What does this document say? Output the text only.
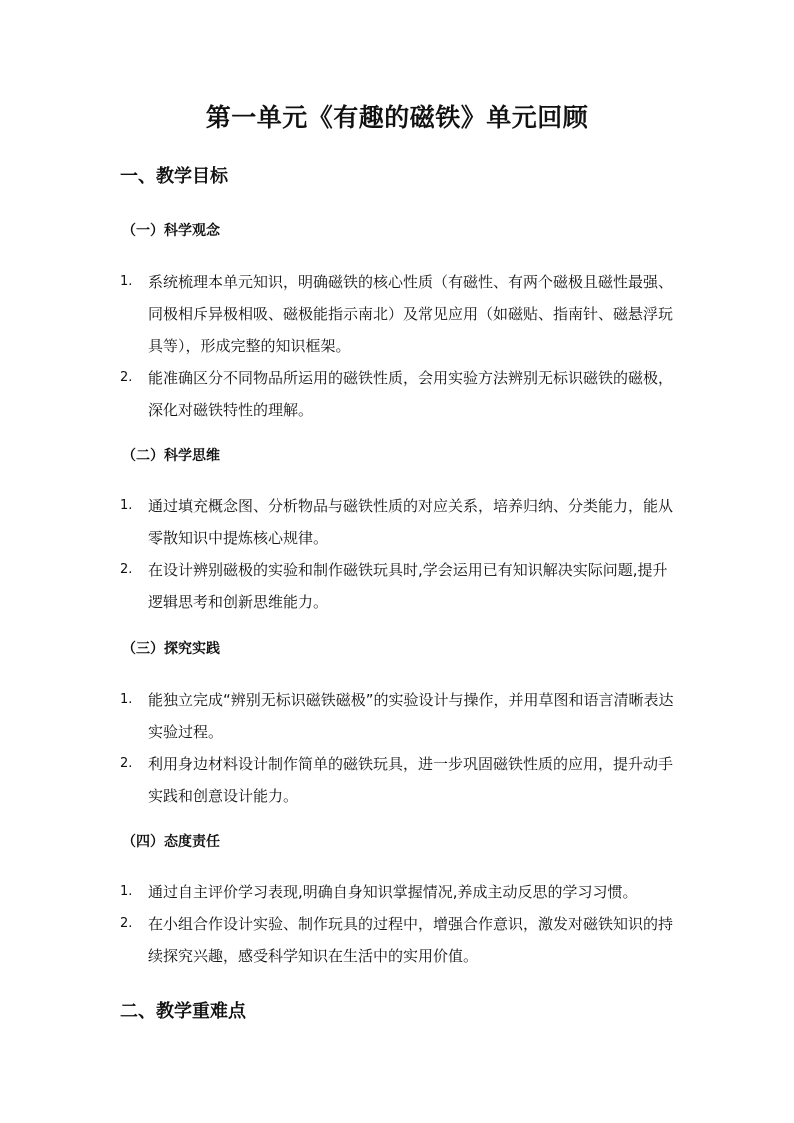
第一单元《有趣的磁铁》单元回顾
一、教学目标
（一）科学观念
1. 系统梳理本单元知识，明确磁铁的核心性质（有磁性、有两个磁极且磁性最强、同极相斥异极相吸、磁极能指示南北）及常见应用（如磁贴、指南针、磁悬浮玩具等），形成完整的知识框架。
2. 能准确区分不同物品所运用的磁铁性质，会用实验方法辨别无标识磁铁的磁极，深化对磁铁特性的理解。
（二）科学思维
1. 通过填充概念图、分析物品与磁铁性质的对应关系，培养归纳、分类能力，能从零散知识中提炼核心规律。
2. 在设计辨别磁极的实验和制作磁铁玩具时,学会运用已有知识解决实际问题,提升逻辑思考和创新思维能力。
（三）探究实践
1. 能独立完成“辨别无标识磁铁磁极”的实验设计与操作，并用草图和语言清晰表达实验过程。
2. 利用身边材料设计制作简单的磁铁玩具，进一步巩固磁铁性质的应用，提升动手实践和创意设计能力。
（四）态度责任
1. 通过自主评价学习表现,明确自身知识掌握情况,养成主动反思的学习习惯。
2. 在小组合作设计实验、制作玩具的过程中，增强合作意识，激发对磁铁知识的持续探究兴趣，感受科学知识在生活中的实用价值。
二、教学重难点
